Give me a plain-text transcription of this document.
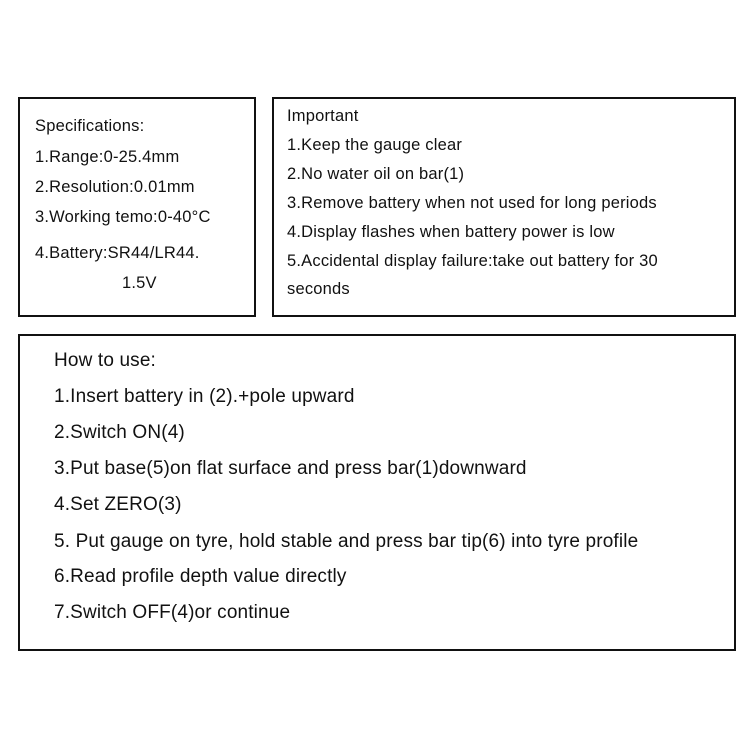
Specifications:
1.Range:0-25.4mm
2.Resolution:0.01mm
3.Working temo:0-40°C
4.Battery:SR44/LR44.
1.5V
Important
1.Keep the gauge clear
2.No water oil on bar(1)
3.Remove battery when not used for long periods
4.Display flashes when battery power is low
5.Accidental display failure:take out battery for 30
seconds
How to use:
1.Insert battery in (2).+pole upward
2.Switch ON(4)
3.Put base(5)on flat surface and press bar(1)downward
4.Set ZERO(3)
5. Put gauge on tyre, hold stable and press bar tip(6) into tyre profile
6.Read profile depth value directly
7.Switch OFF(4)or continue
